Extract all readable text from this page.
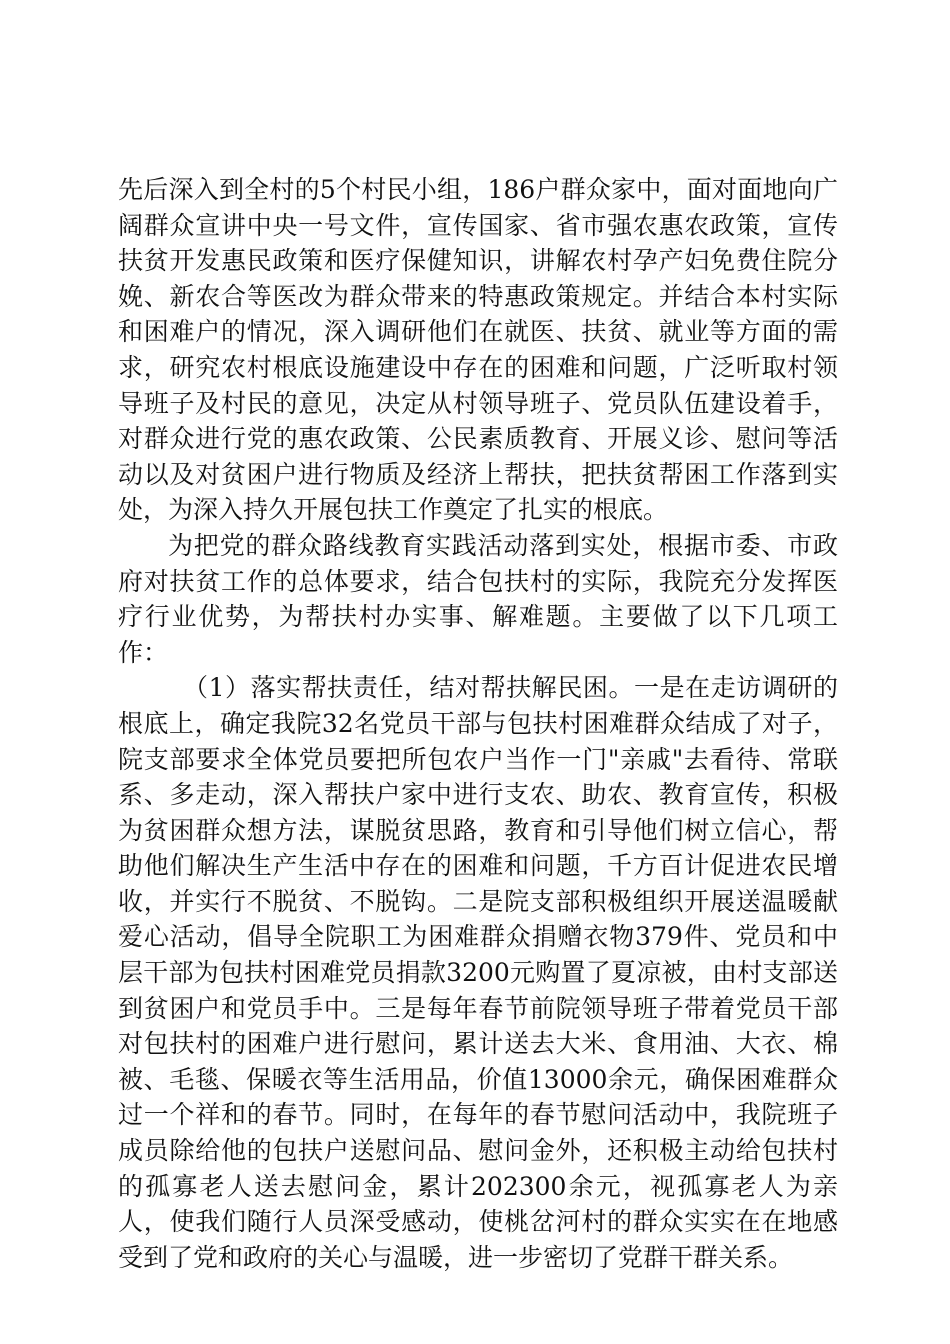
先后深入到全村的5个村民小组，186户群众家中，面对面地向广阔群众宣讲中央一号文件，宣传国家、省市强农惠农政策，宣传扶贫开发惠民政策和医疗保健知识，讲解农村孕产妇免费住院分娩、新农合等医改为群众带来的特惠政策规定。并结合本村实际和困难户的情况，深入调研他们在就医、扶贫、就业等方面的需求，研究农村根底设施建设中存在的困难和问题，广泛听取村领导班子及村民的意见，决定从村领导班子、党员队伍建设着手，对群众进行党的惠农政策、公民素质教育、开展义诊、慰问等活动以及对贫困户进行物质及经济上帮扶，把扶贫帮困工作落到实处，为深入持久开展包扶工作奠定了扎实的根底。

为把党的群众路线教育实践活动落到实处，根据市委、市政府对扶贫工作的总体要求，结合包扶村的实际，我院充分发挥医疗行业优势，为帮扶村办实事、解难题。主要做了以下几项工作：

（1）落实帮扶责任，结对帮扶解民困。一是在走访调研的根底上，确定我院32名党员干部与包扶村困难群众结成了对子，院支部要求全体党员要把所包农户当作一门"亲戚"去看待、常联系、多走动，深入帮扶户家中进行支农、助农、教育宣传，积极为贫困群众想方法，谋脱贫思路，教育和引导他们树立信心，帮助他们解决生产生活中存在的困难和问题，千方百计促进农民增收，并实行不脱贫、不脱钩。二是院支部积极组织开展送温暖献爱心活动，倡导全院职工为困难群众捐赠衣物379件、党员和中层干部为包扶村困难党员捐款3200元购置了夏凉被，由村支部送到贫困户和党员手中。三是每年春节前院领导班子带着党员干部对包扶村的困难户进行慰问，累计送去大米、食用油、大衣、棉被、毛毯、保暖衣等生活用品，价值13000余元，确保困难群众过一个祥和的春节。同时，在每年的春节慰问活动中，我院班子成员除给他的包扶户送慰问品、慰问金外，还积极主动给包扶村的孤寡老人送去慰问金，累计202300余元，视孤寡老人为亲人，使我们随行人员深受感动，使桃岔河村的群众实实在在地感受到了党和政府的关心与温暖，进一步密切了党群干群关系。
